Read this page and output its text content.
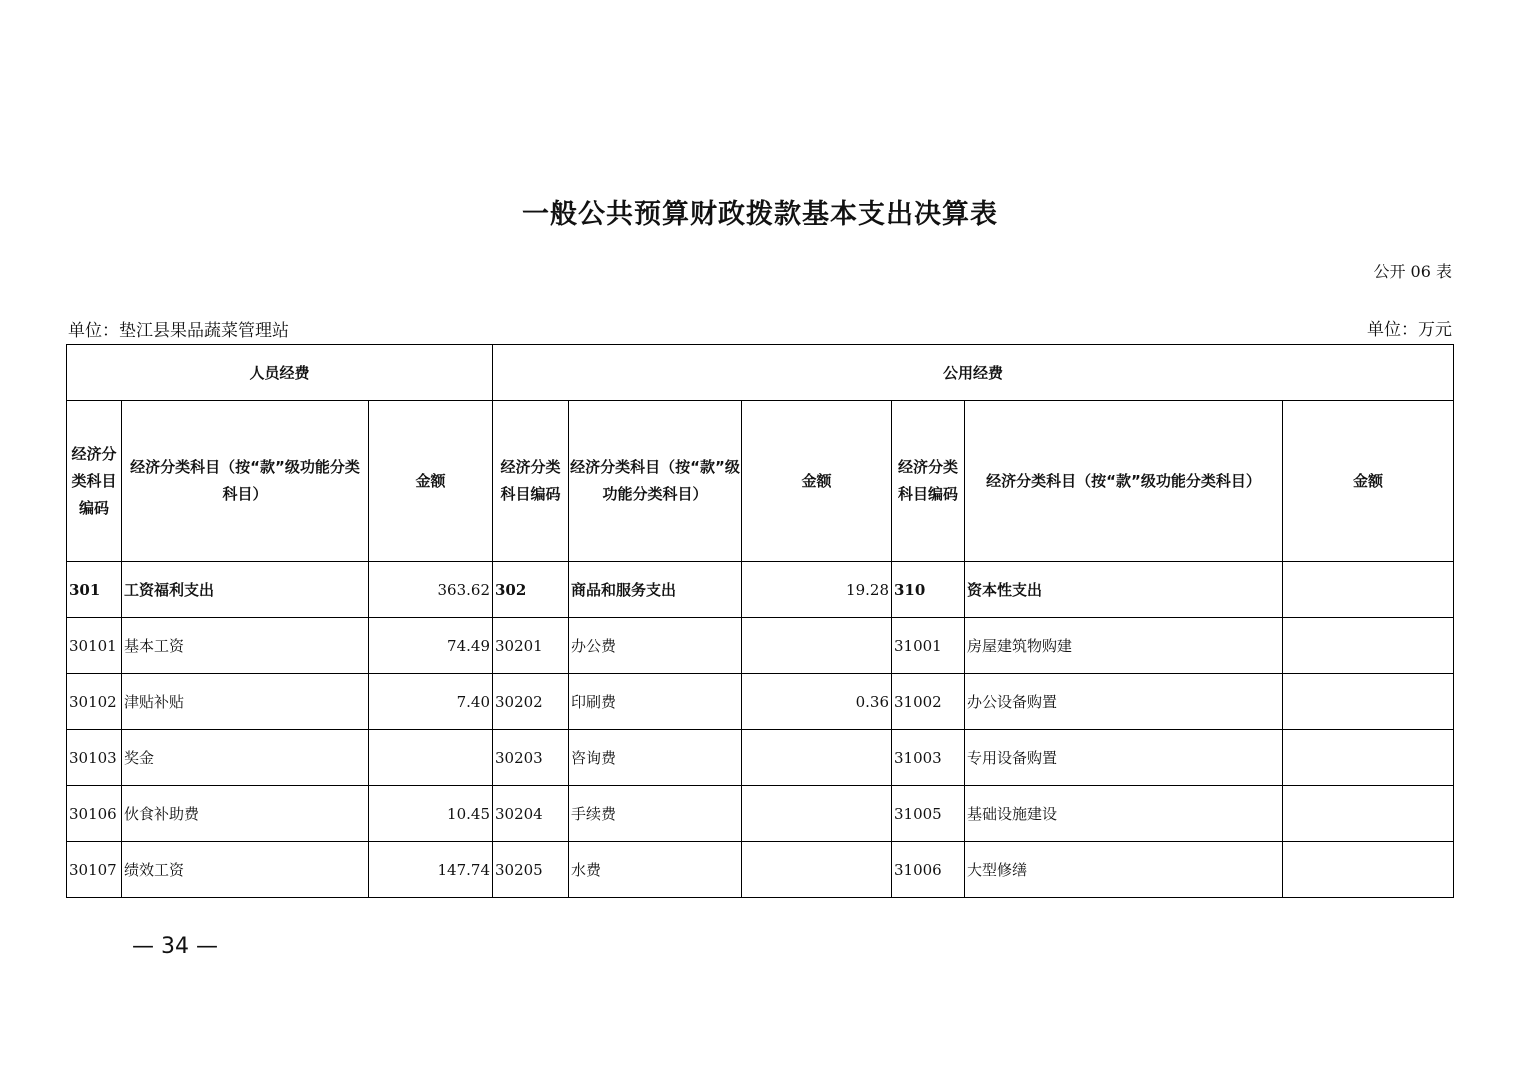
一般公共预算财政拨款基本支出决算表
公开 06 表
单位：垫江县果品蔬菜管理站	单位：万元
人员经费			公用经费					
经济分类科目编码	经济分类科目（按“款”级功能分类科目）	金额	经济分类科目编码	经济分类科目（按“款”级功能分类科目）	金额	经济分类科目编码	经济分类科目（按“款”级功能分类科目）	金额
301	工资福利支出	363.62	302	商品和服务支出	19.28	310	资本性支出	
30101	基本工资	74.49	30201	办公费		31001	房屋建筑物购建	
30102	津贴补贴	7.40	30202	印刷费	0.36	31002	办公设备购置	
30103	奖金		30203	咨询费		31003	专用设备购置	
30106	伙食补助费	10.45	30204	手续费		31005	基础设施建设	
30107	绩效工资	147.74	30205	水费		31006	大型修缮	
— 34 —
